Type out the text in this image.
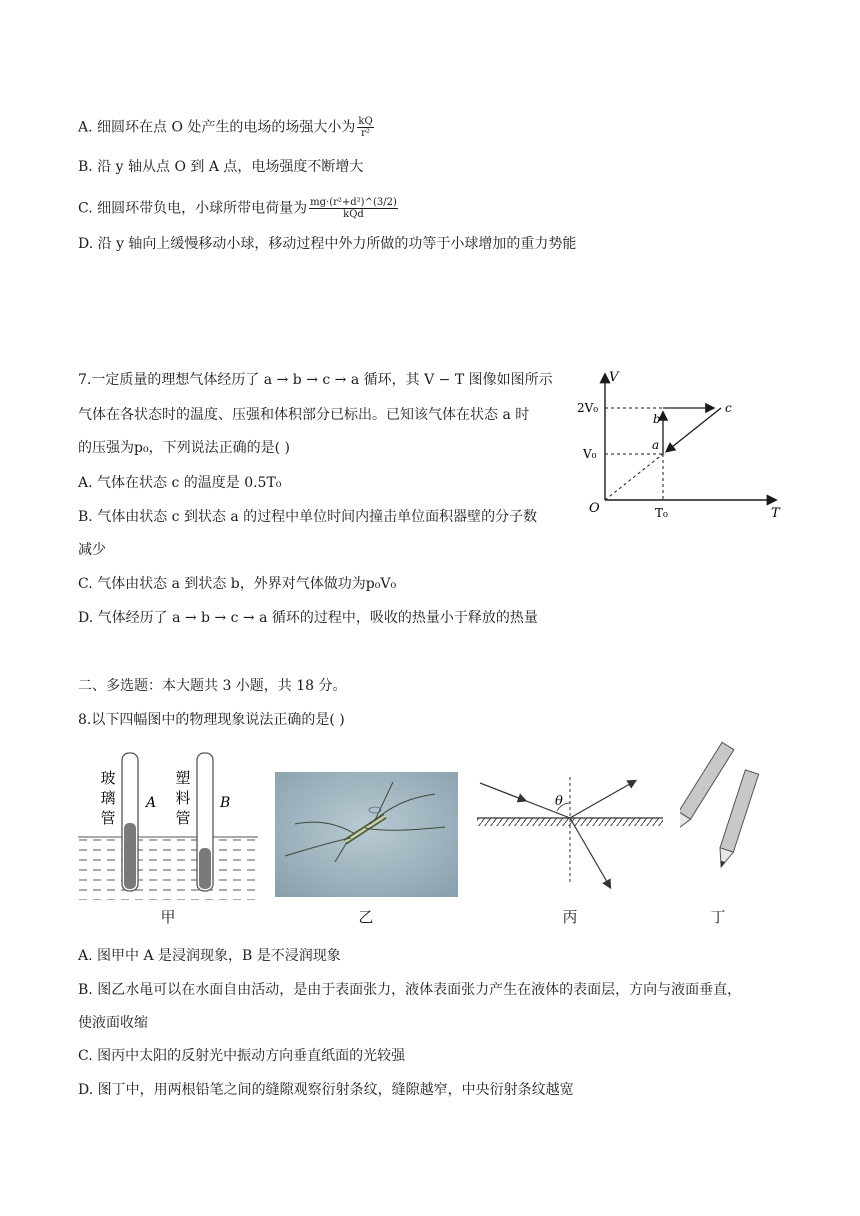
A. 细圆环在点 O 处产生的电场的场强大小为 $\frac{kQ}{\text{r²}}$
B. 沿 y 轴从点 O 到 A 点，电场强度不断增大
C. 细圆环带负电，小球所带电荷量为 $\frac{\text{mg·(r²+d²)\textasciicircum{}(3/2)}}{\text{kQd}}$
D. 沿 y 轴向上缓慢移动小球，移动过程中外力所做的功等于小球增加的重力势能
7.一定质量的理想气体经历了 a → b → c → a 循环，其 V − T 图像如图所示
气体在各状态时的温度、压强和体积部分已标出。已知该气体在状态 a 时
的压强为p₀，下列说法正确的是( )
A. 气体在状态 c 的温度是 0.5T₀
B. 气体由状态 c 到状态 a 的过程中单位时间内撞击单位面积器壁的分子数
减少
C. 气体由状态 a 到状态 b，外界对气体做功为p₀V₀
D. 气体经历了 a → b → c → a 循环的过程中，吸收的热量小于释放的热量
V
T
O
2V₀
V₀
T₀
a
b
c
二、多选题：本大题共 3 小题，共 18 分。
8.以下四幅图中的物理现象说法正确的是( )
玻
璃
管
塑
料
管
A	B	θ
甲	乙	丙	丁
A. 图甲中 A 是浸润现象，B 是不浸润现象
B. 图乙水黾可以在水面自由活动，是由于表面张力，液体表面张力产生在液体的表面层，方向与液面垂直，
使液面收缩
C. 图丙中太阳的反射光中振动方向垂直纸面的光较强
D. 图丁中，用两根铅笔之间的缝隙观察衍射条纹，缝隙越窄，中央衍射条纹越宽
